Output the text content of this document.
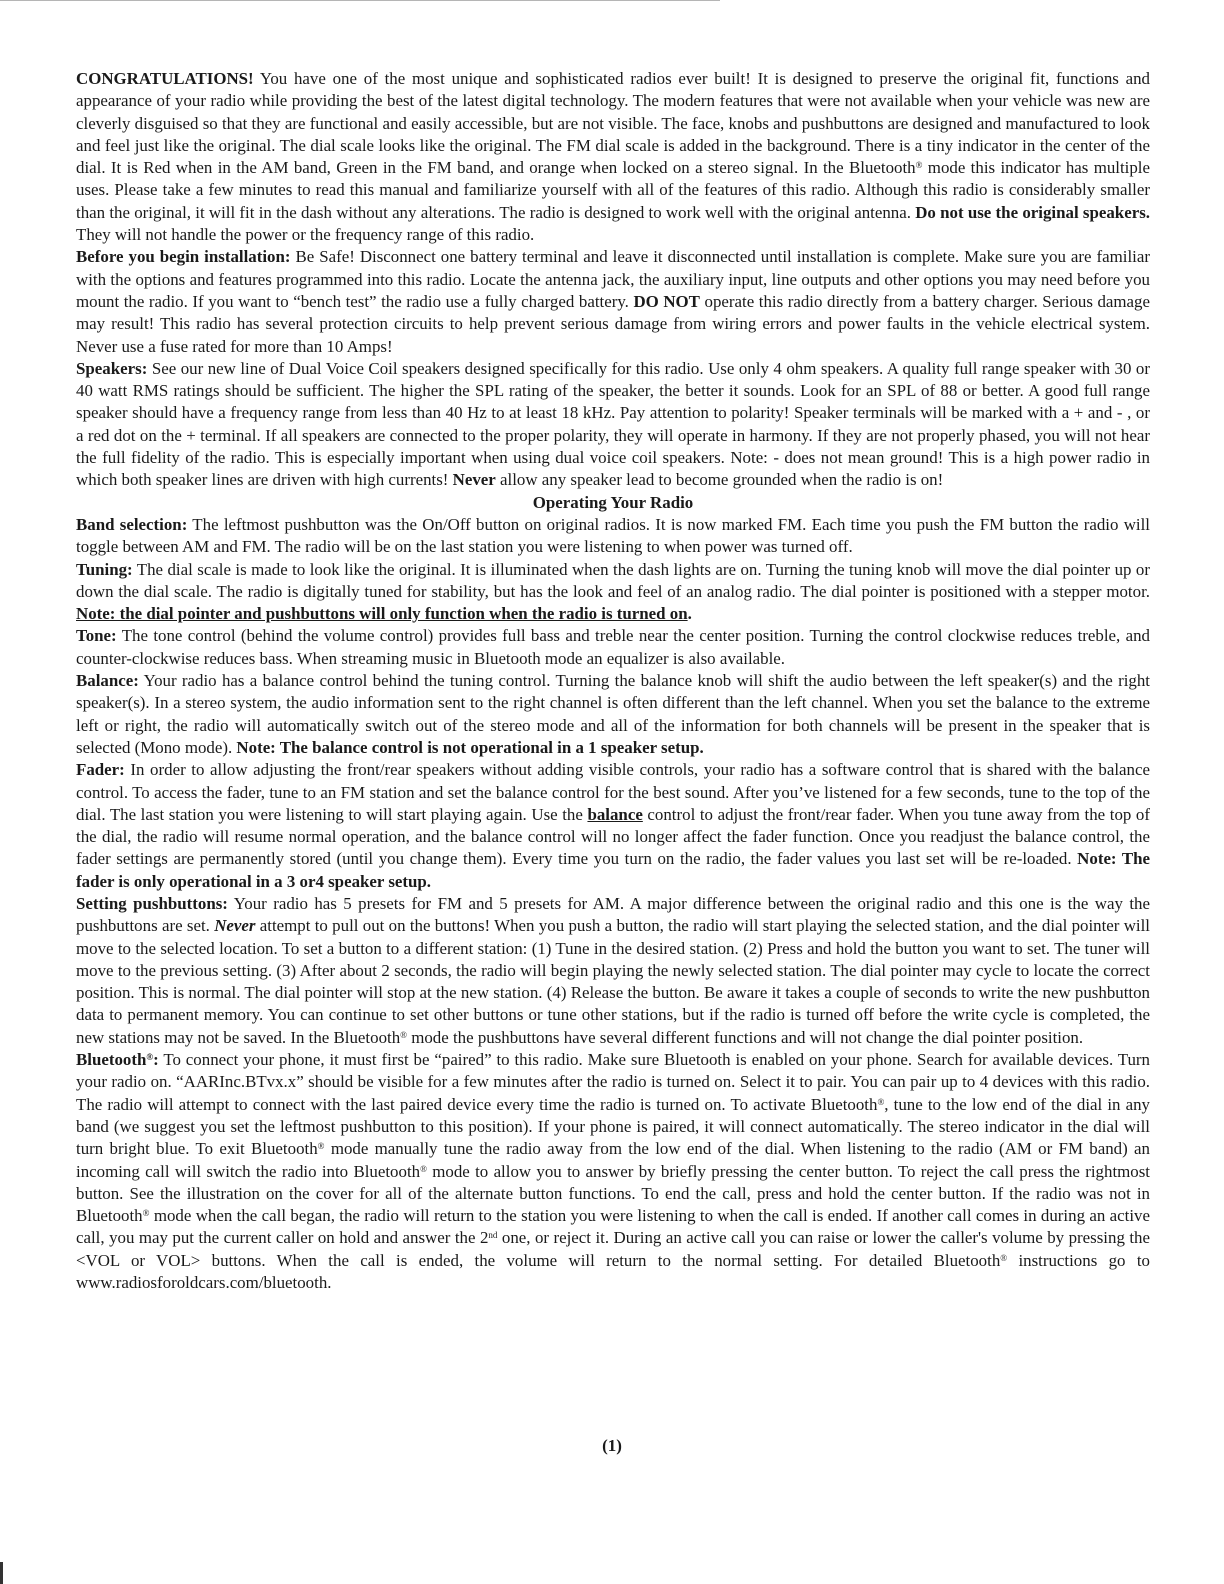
CONGRATULATIONS! You have one of the most unique and sophisticated radios ever built! It is designed to preserve the original fit, functions and appearance of your radio while providing the best of the latest digital technology. The modern features that were not available when your vehicle was new are cleverly disguised so that they are functional and easily accessible, but are not visible. The face, knobs and pushbuttons are designed and manufactured to look and feel just like the original. The dial scale looks like the original. The FM dial scale is added in the background. There is a tiny indicator in the center of the dial. It is Red when in the AM band, Green in the FM band, and orange when locked on a stereo signal. In the Bluetooth® mode this indicator has multiple uses. Please take a few minutes to read this manual and familiarize yourself with all of the features of this radio. Although this radio is considerably smaller than the original, it will fit in the dash without any alterations. The radio is designed to work well with the original antenna. Do not use the original speakers. They will not handle the power or the frequency range of this radio.

Before you begin installation: Be Safe! Disconnect one battery terminal and leave it disconnected until installation is complete. Make sure you are familiar with the options and features programmed into this radio. Locate the antenna jack, the auxiliary input, line outputs and other options you may need before you mount the radio. If you want to “bench test” the radio use a fully charged battery. DO NOT operate this radio directly from a battery charger. Serious damage may result! This radio has several protection circuits to help prevent serious damage from wiring errors and power faults in the vehicle electrical system. Never use a fuse rated for more than 10 Amps!

Speakers: See our new line of Dual Voice Coil speakers designed specifically for this radio. Use only 4 ohm speakers. A quality full range speaker with 30 or 40 watt RMS ratings should be sufficient. The higher the SPL rating of the speaker, the better it sounds. Look for an SPL of 88 or better. A good full range speaker should have a frequency range from less than 40 Hz to at least 18 kHz. Pay attention to polarity! Speaker terminals will be marked with a + and - , or a red dot on the + terminal. If all speakers are connected to the proper polarity, they will operate in harmony. If they are not properly phased, you will not hear the full fidelity of the radio. This is especially important when using dual voice coil speakers. Note: - does not mean ground! This is a high power radio in which both speaker lines are driven with high currents! Never allow any speaker lead to become grounded when the radio is on!

Operating Your Radio

Band selection: The leftmost pushbutton was the On/Off button on original radios. It is now marked FM. Each time you push the FM button the radio will toggle between AM and FM. The radio will be on the last station you were listening to when power was turned off.

Tuning: The dial scale is made to look like the original. It is illuminated when the dash lights are on. Turning the tuning knob will move the dial pointer up or down the dial scale. The radio is digitally tuned for stability, but has the look and feel of an analog radio. The dial pointer is positioned with a stepper motor. Note: the dial pointer and pushbuttons will only function when the radio is turned on.

Tone: The tone control (behind the volume control) provides full bass and treble near the center position. Turning the control clockwise reduces treble, and counter-clockwise reduces bass. When streaming music in Bluetooth mode an equalizer is also available.

Balance: Your radio has a balance control behind the tuning control. Turning the balance knob will shift the audio between the left speaker(s) and the right speaker(s). In a stereo system, the audio information sent to the right channel is often different than the left channel. When you set the balance to the extreme left or right, the radio will automatically switch out of the stereo mode and all of the information for both channels will be present in the speaker that is selected (Mono mode). Note: The balance control is not operational in a 1 speaker setup.

Fader: In order to allow adjusting the front/rear speakers without adding visible controls, your radio has a software control that is shared with the balance control. To access the fader, tune to an FM station and set the balance control for the best sound. After you’ve listened for a few seconds, tune to the top of the dial. The last station you were listening to will start playing again. Use the balance control to adjust the front/rear fader. When you tune away from the top of the dial, the radio will resume normal operation, and the balance control will no longer affect the fader function. Once you readjust the balance control, the fader settings are permanently stored (until you change them). Every time you turn on the radio, the fader values you last set will be re-loaded. Note: The fader is only operational in a 3 or4 speaker setup.

Setting pushbuttons: Your radio has 5 presets for FM and 5 presets for AM. A major difference between the original radio and this one is the way the pushbuttons are set. Never attempt to pull out on the buttons! When you push a button, the radio will start playing the selected station, and the dial pointer will move to the selected location. To set a button to a different station: (1) Tune in the desired station. (2) Press and hold the button you want to set. The tuner will move to the previous setting. (3) After about 2 seconds, the radio will begin playing the newly selected station. The dial pointer may cycle to locate the correct position. This is normal. The dial pointer will stop at the new station. (4) Release the button. Be aware it takes a couple of seconds to write the new pushbutton data to permanent memory. You can continue to set other buttons or tune other stations, but if the radio is turned off before the write cycle is completed, the new stations may not be saved. In the Bluetooth® mode the pushbuttons have several different functions and will not change the dial pointer position.

Bluetooth®: To connect your phone, it must first be “paired” to this radio. Make sure Bluetooth is enabled on your phone. Search for available devices. Turn your radio on. “AARInc.BTvx.x” should be visible for a few minutes after the radio is turned on. Select it to pair. You can pair up to 4 devices with this radio. The radio will attempt to connect with the last paired device every time the radio is turned on. To activate Bluetooth®, tune to the low end of the dial in any band (we suggest you set the leftmost pushbutton to this position). If your phone is paired, it will connect automatically. The stereo indicator in the dial will turn bright blue. To exit Bluetooth® mode manually tune the radio away from the low end of the dial. When listening to the radio (AM or FM band) an incoming call will switch the radio into Bluetooth® mode to allow you to answer by briefly pressing the center button. To reject the call press the rightmost button. See the illustration on the cover for all of the alternate button functions. To end the call, press and hold the center button. If the radio was not in Bluetooth® mode when the call began, the radio will return to the station you were listening to when the call is ended. If another call comes in during an active call, you may put the current caller on hold and answer the 2nd one, or reject it. During an active call you can raise or lower the caller's volume by pressing the <VOL or VOL> buttons. When the call is ended, the volume will return to the normal setting. For detailed Bluetooth® instructions go to www.radiosforoldcars.com/bluetooth.

(1)
